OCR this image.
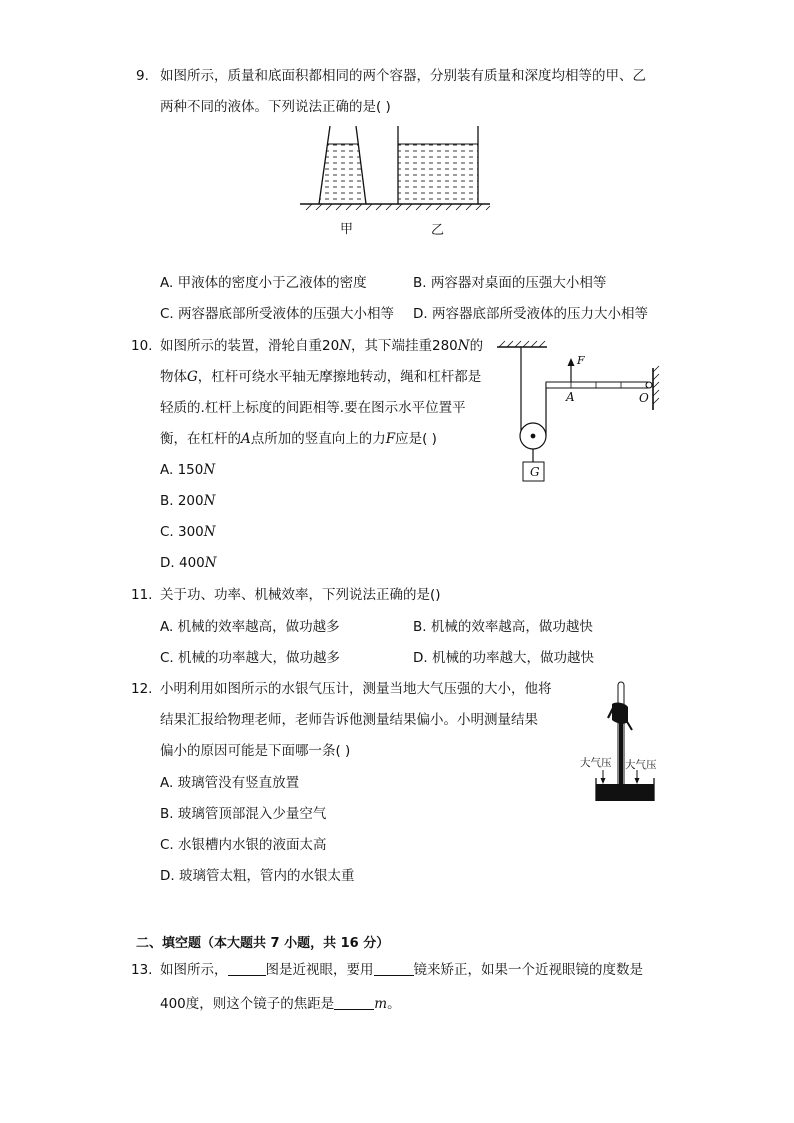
9. 如图所示，质量和底面积都相同的两个容器，分别装有质量和深度均相等的甲、乙
两种不同的液体。下列说法正确的是( )
甲	乙
A. 甲液体的密度小于乙液体的密度	B. 两容器对桌面的压强大小相等
C. 两容器底部所受液体的压强大小相等 D. 两容器底部所受液体的压力大小相等
10. 如图所示的装置，滑轮自重20N，其下端挂重280N的
物体G，杠杆可绕水平轴无摩擦地转动，绳和杠杆都是
轻质的.杠杆上标度的间距相等.要在图示水平位置平
衡，在杠杆的A点所加的竖直向上的力F应是( )
A. 150N
B. 200N
C. 300N
D. 400N
F
A	O
G
11. 关于功、功率、机械效率，下列说法正确的是()
A. 机械的效率越高，做功越多	B. 机械的效率越高，做功越快
C. 机械的功率越大，做功越多	D. 机械的功率越大，做功越快
12. 小明利用如图所示的水银气压计，测量当地大气压强的大小，他将
结果汇报给物理老师，老师告诉他测量结果偏小。小明测量结果
偏小的原因可能是下面哪一条( )
A. 玻璃管没有竖直放置
B. 玻璃管顶部混入少量空气
C. 水银槽内水银的液面太高
D. 玻璃管太粗，管内的水银太重
大气压 大气压
二、填空题（本大题共 7 小题，共 16 分）
13. 如图所示，	图是近视眼，要用	镜来矫正，如果一个近视眼镜的度数是
400度，则这个镜子的焦距是	m。
